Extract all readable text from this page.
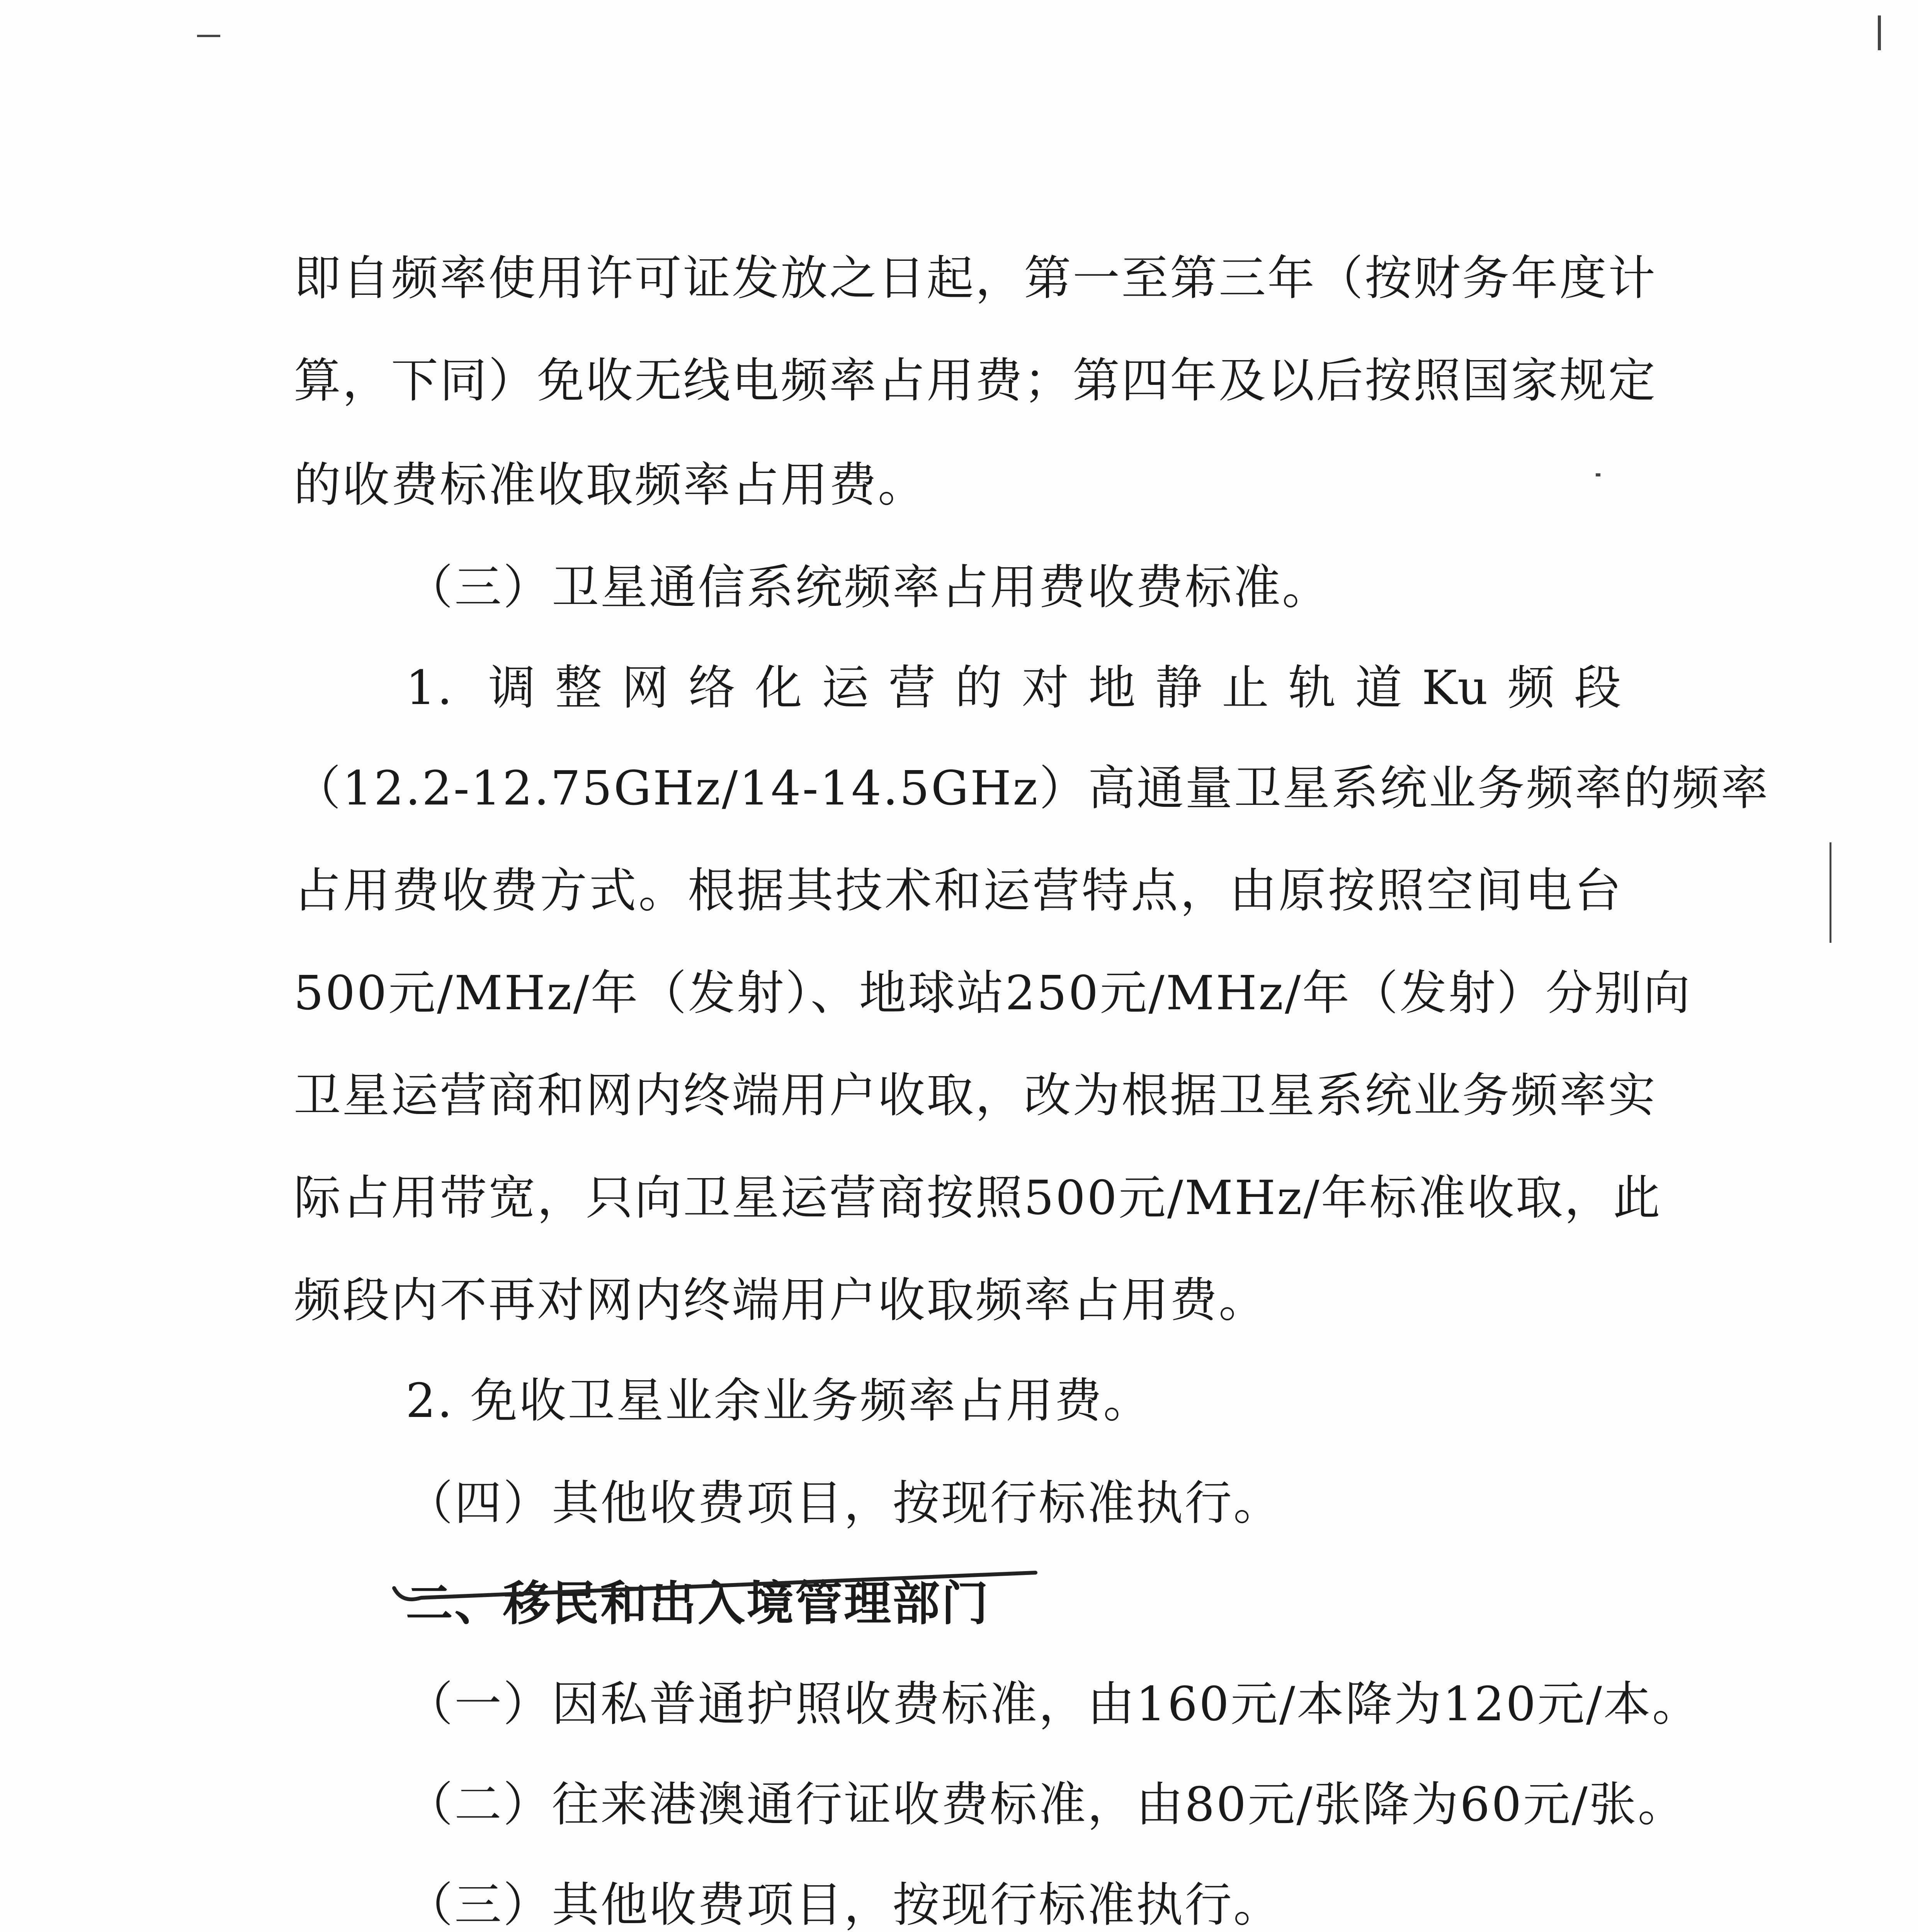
即自频率使用许可证发放之日起，第一至第三年（按财务年度计
算，下同）免收无线电频率占用费；第四年及以后按照国家规定
的收费标准收取频率占用费。
（三）卫星通信系统频率占用费收费标准。
1. 调整网络化运营的对地静止轨道Ku频段
（12.2-12.75GHz/14-14.5GHz）高通量卫星系统业务频率的频率
占用费收费方式。根据其技术和运营特点，由原按照空间电台
500元/MHz/年（发射）、地球站250元/MHz/年（发射）分别向
卫星运营商和网内终端用户收取，改为根据卫星系统业务频率实
际占用带宽，只向卫星运营商按照500元/MHz/年标准收取，此
频段内不再对网内终端用户收取频率占用费。
2. 免收卫星业余业务频率占用费。
（四）其他收费项目，按现行标准执行。
二、移民和出入境管理部门
（一）因私普通护照收费标准，由160元/本降为120元/本。
（二）往来港澳通行证收费标准，由80元/张降为60元/张。
（三）其他收费项目，按现行标准执行。
